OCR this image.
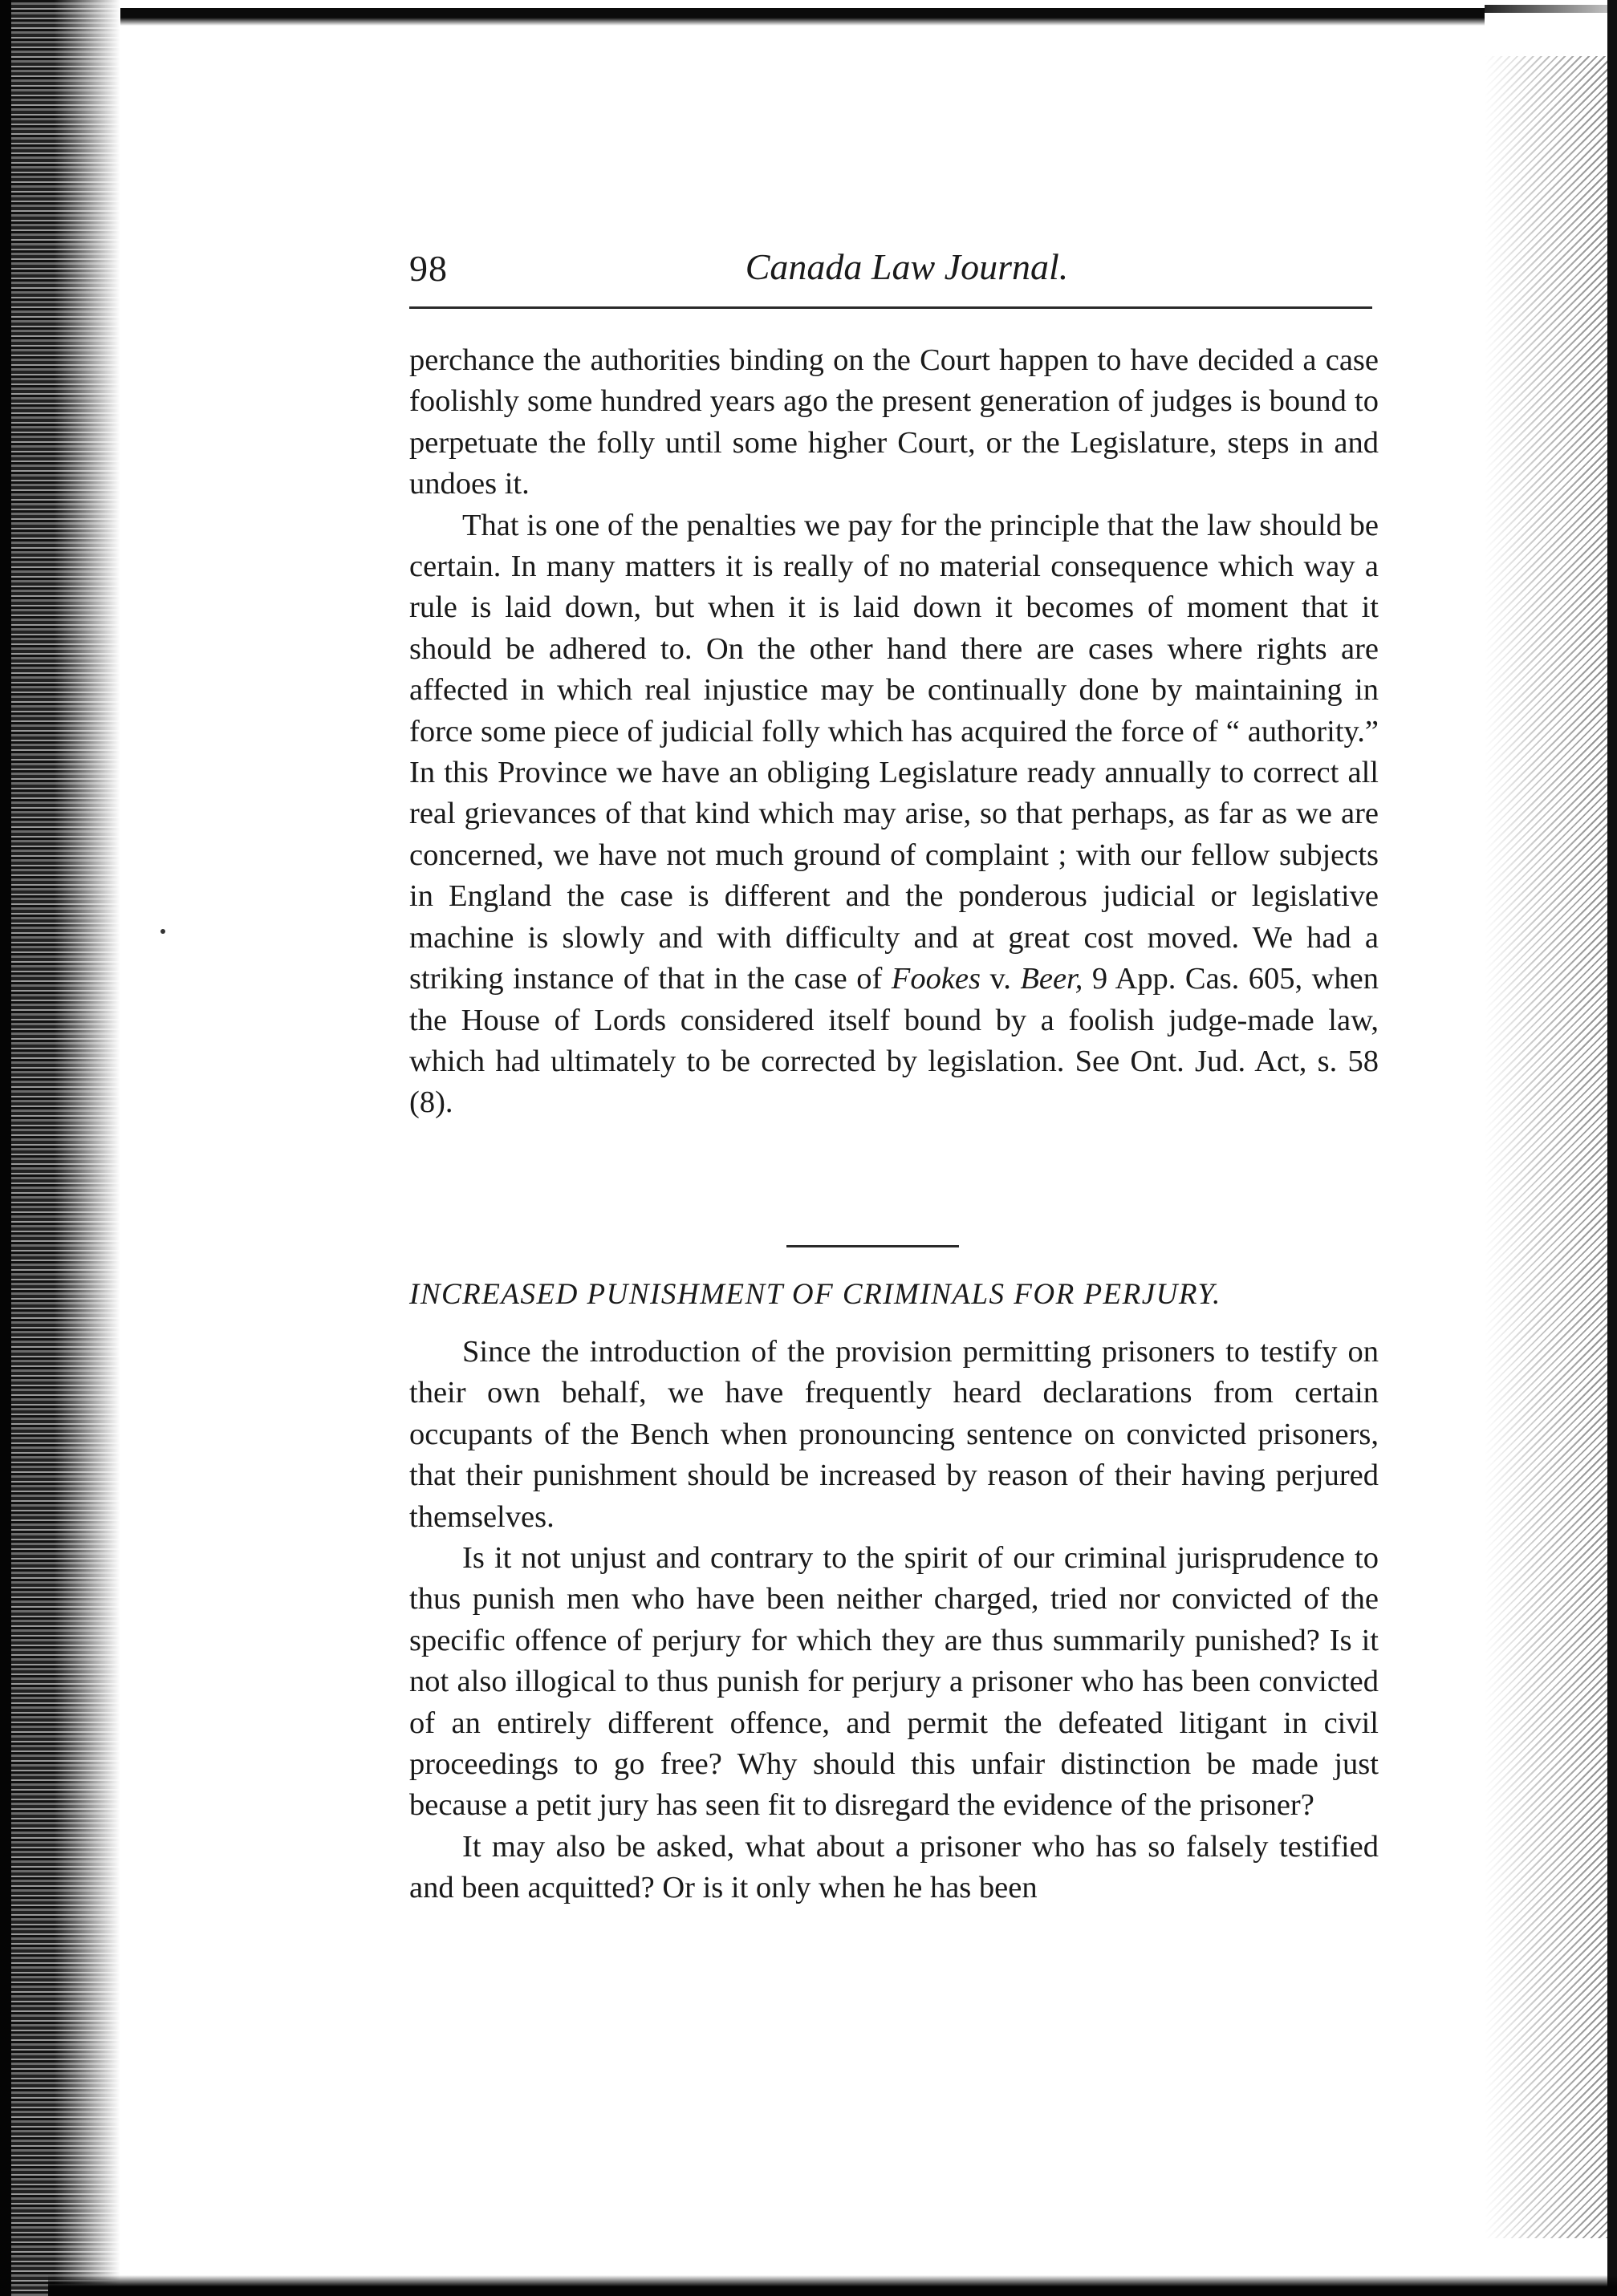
98	Canada Law Journal.

perchance the authorities binding on the Court happen to have decided a case foolishly some hundred years ago the present generation of judges is bound to perpetuate the folly until some higher Court, or the Legislature, steps in and undoes it.

That is one of the penalties we pay for the principle that the law should be certain. In many matters it is really of no material consequence which way a rule is laid down, but when it is laid down it becomes of moment that it should be adhered to. On the other hand there are cases where rights are affected in which real injustice may be continually done by maintaining in force some piece of judicial folly which has acquired the force of “ authority.” In this Province we have an obliging Legislature ready annually to correct all real grievances of that kind which may arise, so that perhaps, as far as we are concerned, we have not much ground of complaint ; with our fellow subjects in England the case is different and the ponderous judicial or legislative machine is slowly and with difficulty and at great cost moved. We had a striking instance of that in the case of Fookes v. Beer, 9 App. Cas. 605, when the House of Lords considered itself bound by a foolish judge-made law, which had ultimately to be corrected by legislation. See Ont. Jud. Act, s. 58 (8).

INCREASED PUNISHMENT OF CRIMINALS FOR PERJURY.

Since the introduction of the provision permitting prisoners to testify on their own behalf, we have frequently heard declarations from certain occupants of the Bench when pronouncing sentence on convicted prisoners, that their punishment should be increased by reason of their having perjured themselves.

Is it not unjust and contrary to the spirit of our criminal jurisprudence to thus punish men who have been neither charged, tried nor convicted of the specific offence of perjury for which they are thus summarily punished? Is it not also illogical to thus punish for perjury a prisoner who has been convicted of an entirely different offence, and permit the defeated litigant in civil proceedings to go free? Why should this unfair distinction be made just because a petit jury has seen fit to disregard the evidence of the prisoner?

It may also be asked, what about a prisoner who has so falsely testified and been acquitted? Or is it only when he has been
